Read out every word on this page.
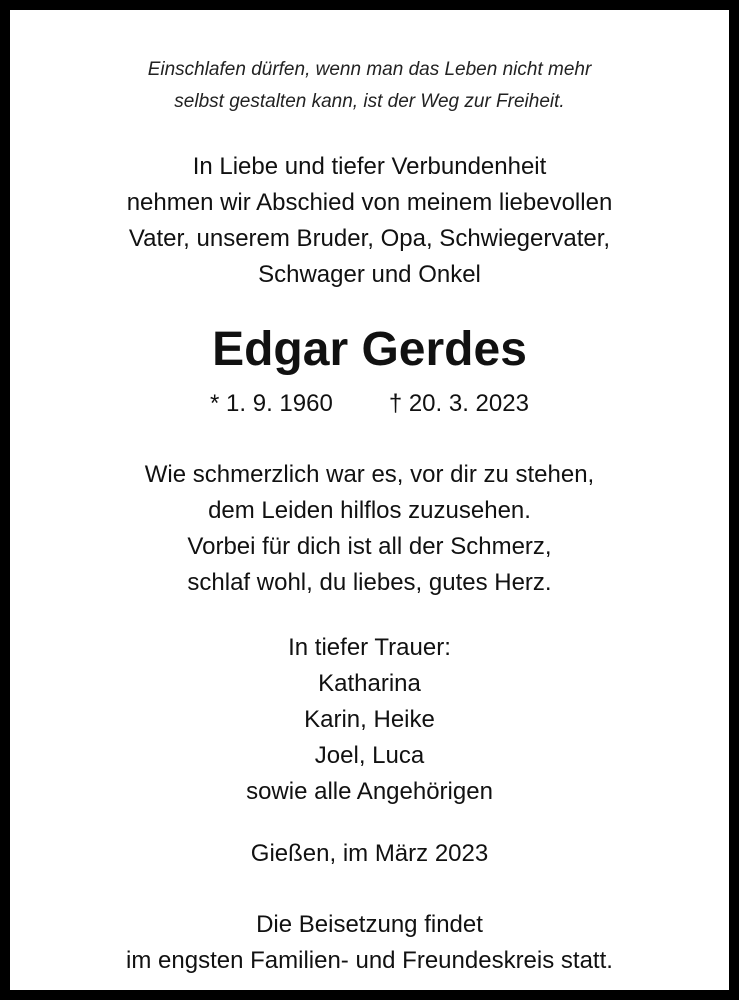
Einschlafen dürfen, wenn man das Leben nicht mehr
selbst gestalten kann, ist der Weg zur Freiheit.
In Liebe und tiefer Verbundenheit
nehmen wir Abschied von meinem liebevollen
Vater, unserem Bruder, Opa, Schwiegervater,
Schwager und Onkel
Edgar Gerdes
* 1. 9. 1960 † 20. 3. 2023
Wie schmerzlich war es, vor dir zu stehen,
dem Leiden hilflos zuzusehen.
Vorbei für dich ist all der Schmerz,
schlaf wohl, du liebes, gutes Herz.
In tiefer Trauer:
Katharina
Karin, Heike
Joel, Luca
sowie alle Angehörigen
Gießen, im März 2023
Die Beisetzung findet
im engsten Familien- und Freundeskreis statt.
